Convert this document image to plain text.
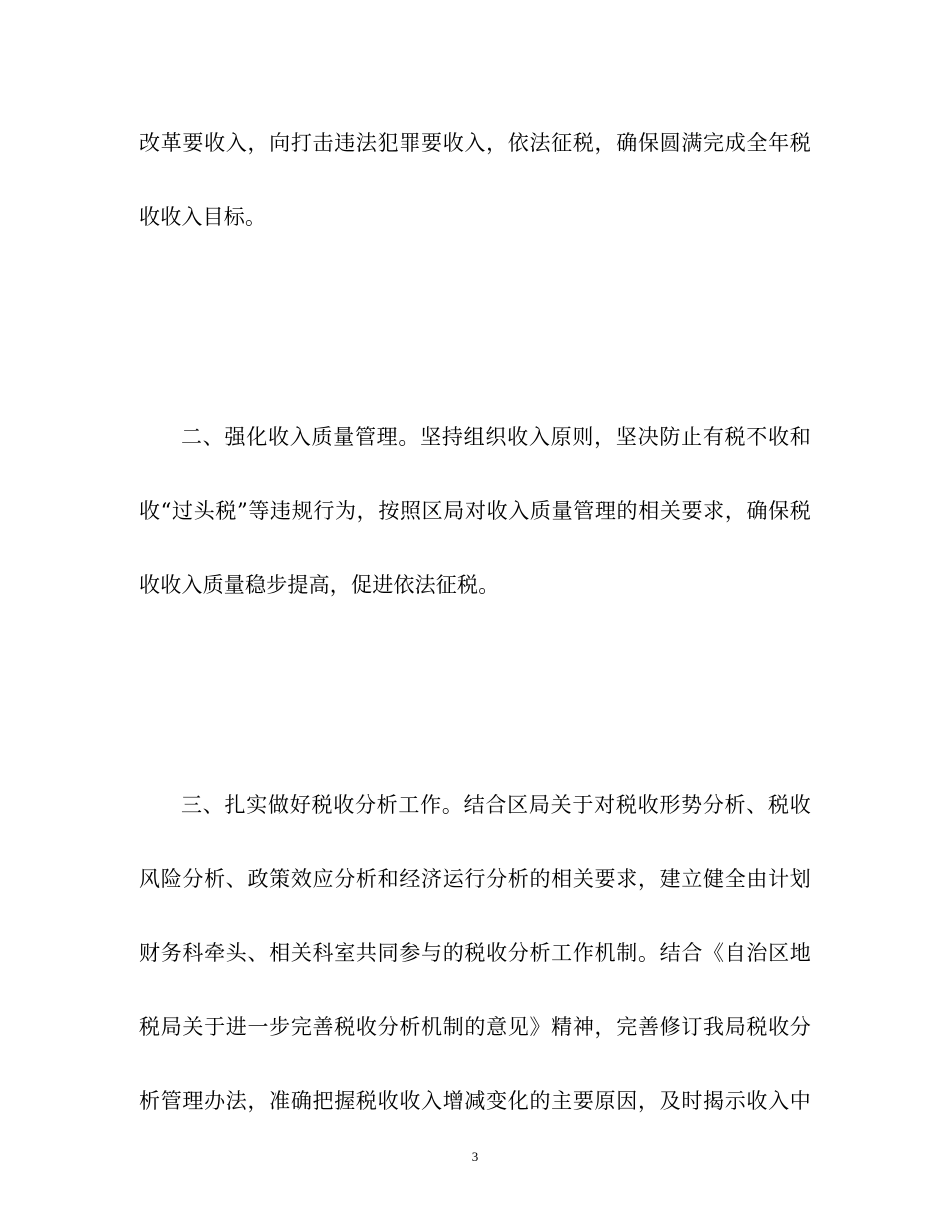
改革要收入，向打击违法犯罪要收入，依法征税，确保圆满完成全年税
收收入目标。
二、强化收入质量管理。坚持组织收入原则，坚决防止有税不收和
收“过头税”等违规行为，按照区局对收入质量管理的相关要求，确保税
收收入质量稳步提高，促进依法征税。
三、扎实做好税收分析工作。结合区局关于对税收形势分析、税收
风险分析、政策效应分析和经济运行分析的相关要求，建立健全由计划
财务科牵头、相关科室共同参与的税收分析工作机制。结合《自治区地
税局关于进一步完善税收分析机制的意见》精神，完善修订我局税收分
析管理办法，准确把握税收收入增减变化的主要原因，及时揭示收入中
3
